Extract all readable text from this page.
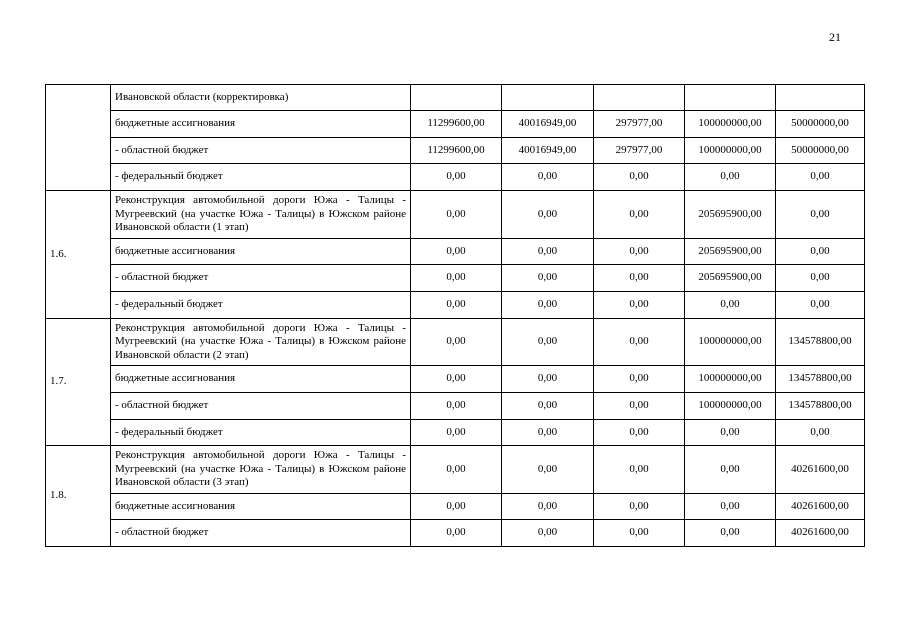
21
	Ивановской области (корректировка)					
	бюджетные ассигнования	11299600,00	40016949,00	297977,00	100000000,00	50000000,00
	- областной бюджет	11299600,00	40016949,00	297977,00	100000000,00	50000000,00
	- федеральный бюджет	0,00	0,00	0,00	0,00	0,00
1.6.	Реконструкция автомобильной дороги Южа - Талицы - Мугреевский (на участке Южа - Талицы) в Южском районе Ивановской области (1 этап)	0,00	0,00	0,00	205695900,00	0,00
	бюджетные ассигнования	0,00	0,00	0,00	205695900,00	0,00
	- областной бюджет	0,00	0,00	0,00	205695900,00	0,00
	- федеральный бюджет	0,00	0,00	0,00	0,00	0,00
1.7.	Реконструкция автомобильной дороги Южа - Талицы - Мугреевский (на участке Южа - Талицы) в Южском районе Ивановской области (2 этап)	0,00	0,00	0,00	100000000,00	134578800,00
	бюджетные ассигнования	0,00	0,00	0,00	100000000,00	134578800,00
	- областной бюджет	0,00	0,00	0,00	100000000,00	134578800,00
	- федеральный бюджет	0,00	0,00	0,00	0,00	0,00
1.8.	Реконструкция автомобильной дороги Южа - Талицы - Мугреевский (на участке Южа - Талицы) в Южском районе Ивановской области (3 этап)	0,00	0,00	0,00	0,00	40261600,00
	бюджетные ассигнования	0,00	0,00	0,00	0,00	40261600,00
	- областной бюджет	0,00	0,00	0,00	0,00	40261600,00
